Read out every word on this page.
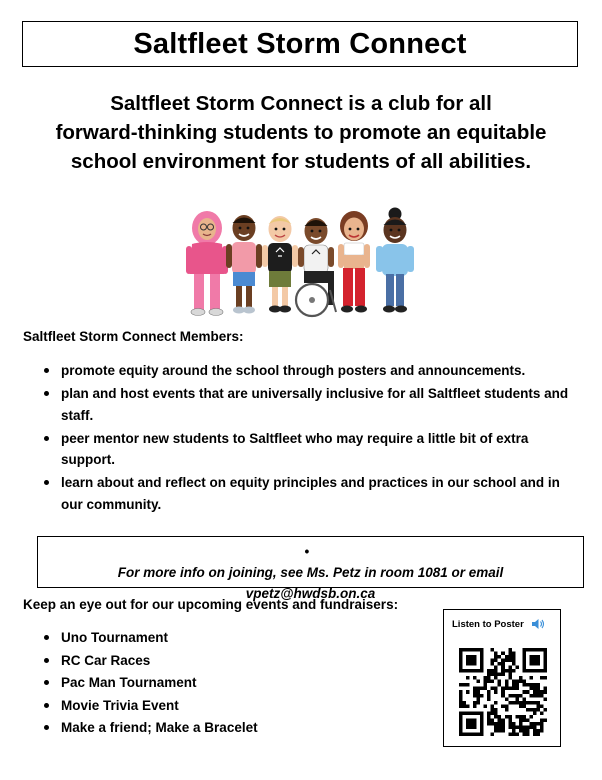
Saltfleet Storm Connect
Saltfleet Storm Connect is a club for all
forward-thinking students to promote an equitable
school environment for students of all abilities.
Saltfleet Storm Connect Members:
promote equity around the school through posters and announcements.
plan and host events that are universally inclusive for all Saltfleet students and staff.
peer mentor new students to Saltfleet who may require a little bit of extra support.
learn about and reflect on equity principles and practices in our school and in our community.
•
For more info on joining, see Ms. Petz in room 1081 or email
vpetz@hwdsb.on.ca
Keep an eye out for our upcoming events and fundraisers:
Uno Tournament
RC Car Races
Pac Man Tournament
Movie Trivia Event
Make a friend; Make a Bracelet
Listen to Poster
